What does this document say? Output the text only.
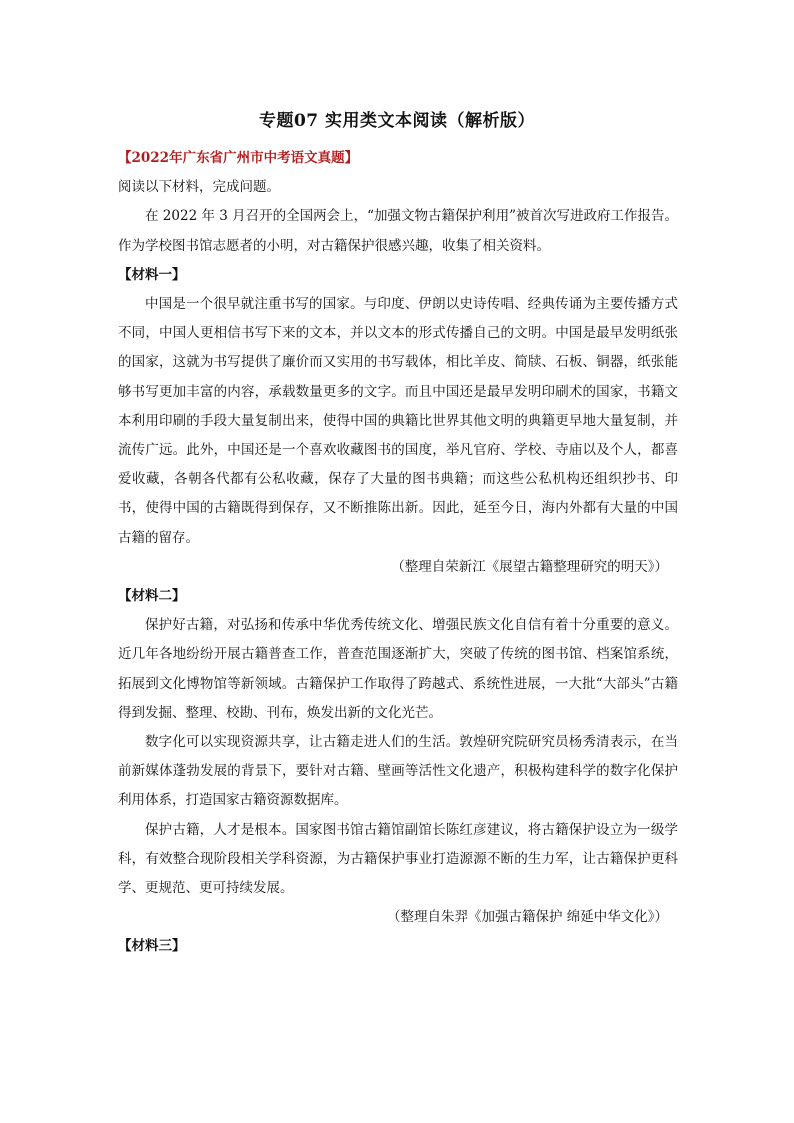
专题07 实用类文本阅读（解析版）

【2022年广东省广州市中考语文真题】

阅读以下材料，完成问题。

在 2022 年 3 月召开的全国两会上，“加强文物古籍保护利用”被首次写进政府工作报告。作为学校图书馆志愿者的小明，对古籍保护很感兴趣，收集了相关资料。

【材料一】

中国是一个很早就注重书写的国家。与印度、伊朗以史诗传唱、经典传诵为主要传播方式不同，中国人更相信书写下来的文本，并以文本的形式传播自己的文明。中国是最早发明纸张的国家，这就为书写提供了廉价而又实用的书写载体，相比羊皮、简牍、石板、铜器，纸张能够书写更加丰富的内容，承载数量更多的文字。而且中国还是最早发明印刷术的国家，书籍文本利用印刷的手段大量复制出来，使得中国的典籍比世界其他文明的典籍更早地大量复制，并流传广远。此外，中国还是一个喜欢收藏图书的国度，举凡官府、学校、寺庙以及个人，都喜爱收藏，各朝各代都有公私收藏，保存了大量的图书典籍；而这些公私机构还组织抄书、印书，使得中国的古籍既得到保存，又不断推陈出新。因此，延至今日，海内外都有大量的中国古籍的留存。

（整理自荣新江《展望古籍整理研究的明天》）

【材料二】

保护好古籍，对弘扬和传承中华优秀传统文化、增强民族文化自信有着十分重要的意义。近几年各地纷纷开展古籍普查工作，普查范围逐渐扩大，突破了传统的图书馆、档案馆系统，拓展到文化博物馆等新领域。古籍保护工作取得了跨越式、系统性进展，一大批“大部头”古籍得到发掘、整理、校勘、刊布，焕发出新的文化光芒。

数字化可以实现资源共享，让古籍走进人们的生活。敦煌研究院研究员杨秀清表示，在当前新媒体蓬勃发展的背景下，要针对古籍、壁画等活性文化遗产，积极构建科学的数字化保护利用体系，打造国家古籍资源数据库。

保护古籍，人才是根本。国家图书馆古籍馆副馆长陈红彦建议，将古籍保护设立为一级学科，有效整合现阶段相关学科资源，为古籍保护事业打造源源不断的生力军，让古籍保护更科学、更规范、更可持续发展。

（整理自朱羿《加强古籍保护 绵延中华文化》）

【材料三】
